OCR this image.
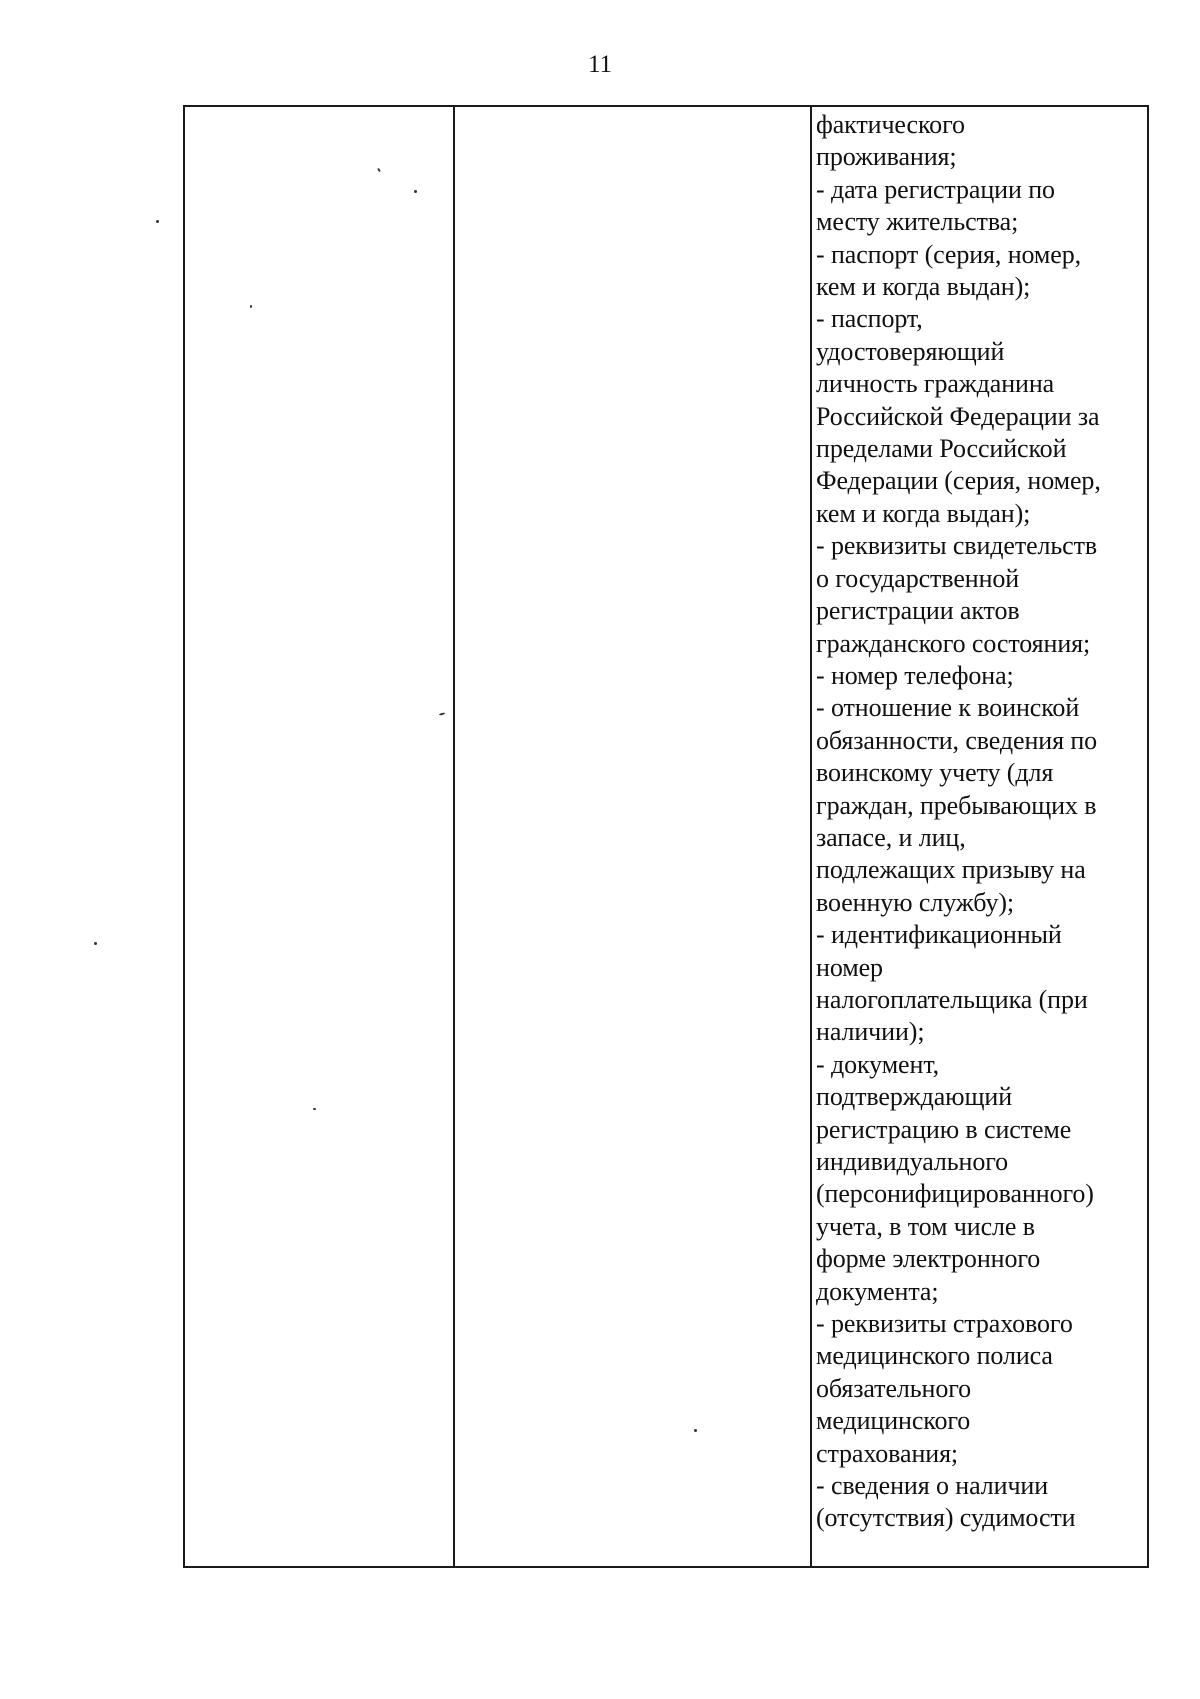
11
фактического
проживания;
- дата регистрации по
месту жительства;
- паспорт (серия, номер,
кем и когда выдан);
- паспорт,
удостоверяющий
личность гражданина
Российской Федерации за
пределами Российской
Федерации (серия, номер,
кем и когда выдан);
- реквизиты свидетельств
о государственной
регистрации актов
гражданского состояния;
- номер телефона;
- отношение к воинской
обязанности, сведения по
воинскому учету (для
граждан, пребывающих в
запасе, и лиц,
подлежащих призыву на
военную службу);
- идентификационный
номер
налогоплательщика (при
наличии);
- документ,
подтверждающий
регистрацию в системе
индивидуального
(персонифицированного)
учета, в том числе в
форме электронного
документа;
- реквизиты страхового
медицинского полиса
обязательного
медицинского
страхования;
- сведения о наличии
(отсутствия) судимости
